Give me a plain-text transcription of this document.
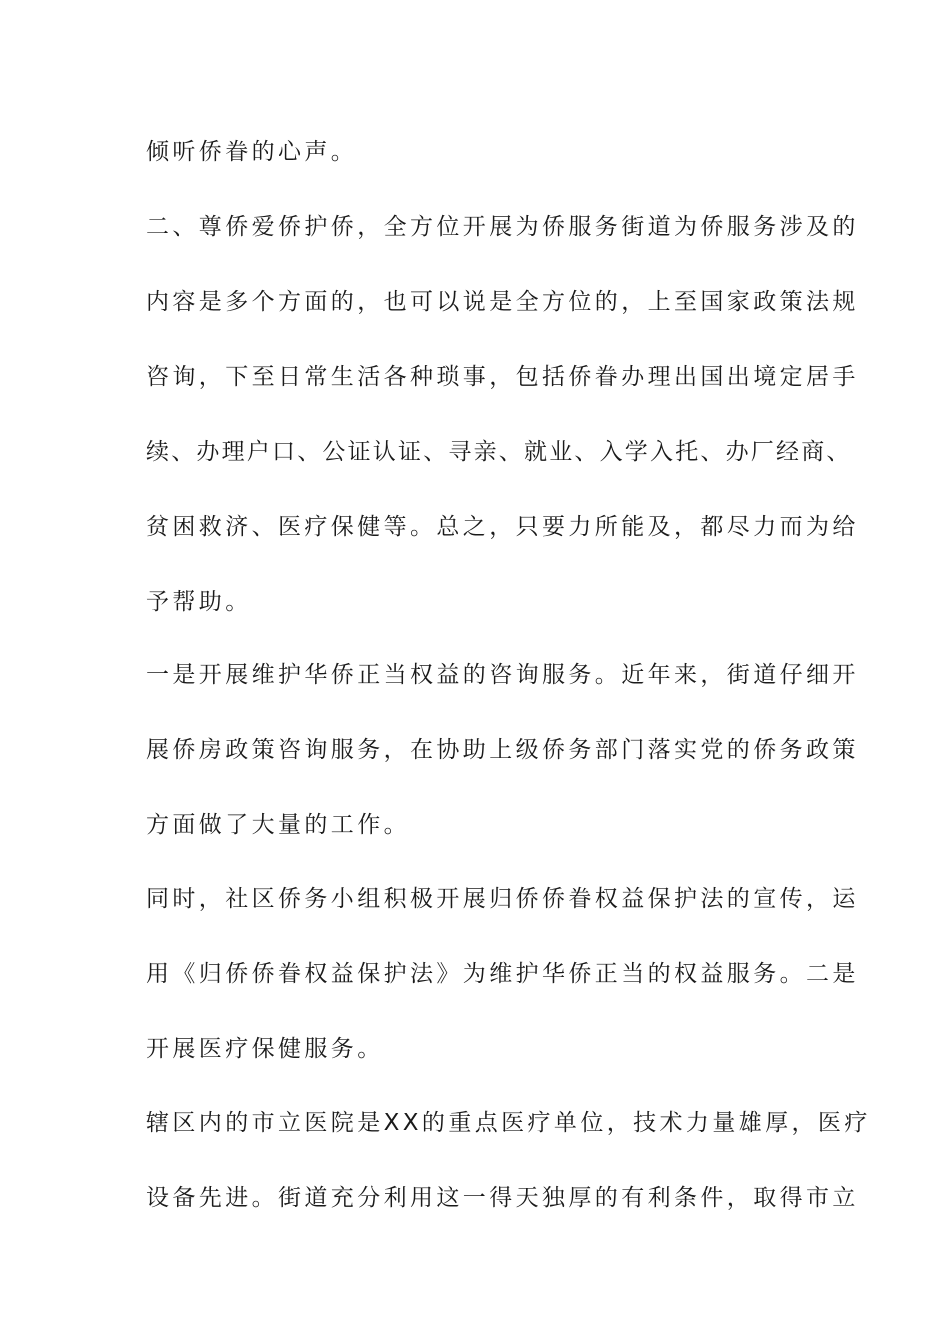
倾听侨眷的心声。
二、尊侨爱侨护侨，全方位开展为侨服务街道为侨服务涉及的
内容是多个方面的，也可以说是全方位的，上至国家政策法规
咨询，下至日常生活各种琐事，包括侨眷办理出国出境定居手
续、办理户口、公证认证、寻亲、就业、入学入托、办厂经商、
贫困救济、医疗保健等。总之，只要力所能及，都尽力而为给
予帮助。
一是开展维护华侨正当权益的咨询服务。近年来，街道仔细开
展侨房政策咨询服务，在协助上级侨务部门落实党的侨务政策
方面做了大量的工作。
同时，社区侨务小组积极开展归侨侨眷权益保护法的宣传，运
用《归侨侨眷权益保护法》为维护华侨正当的权益服务。二是
开展医疗保健服务。
辖区内的市立医院是XX的重点医疗单位，技术力量雄厚，医疗
设备先进。街道充分利用这一得天独厚的有利条件，取得市立
